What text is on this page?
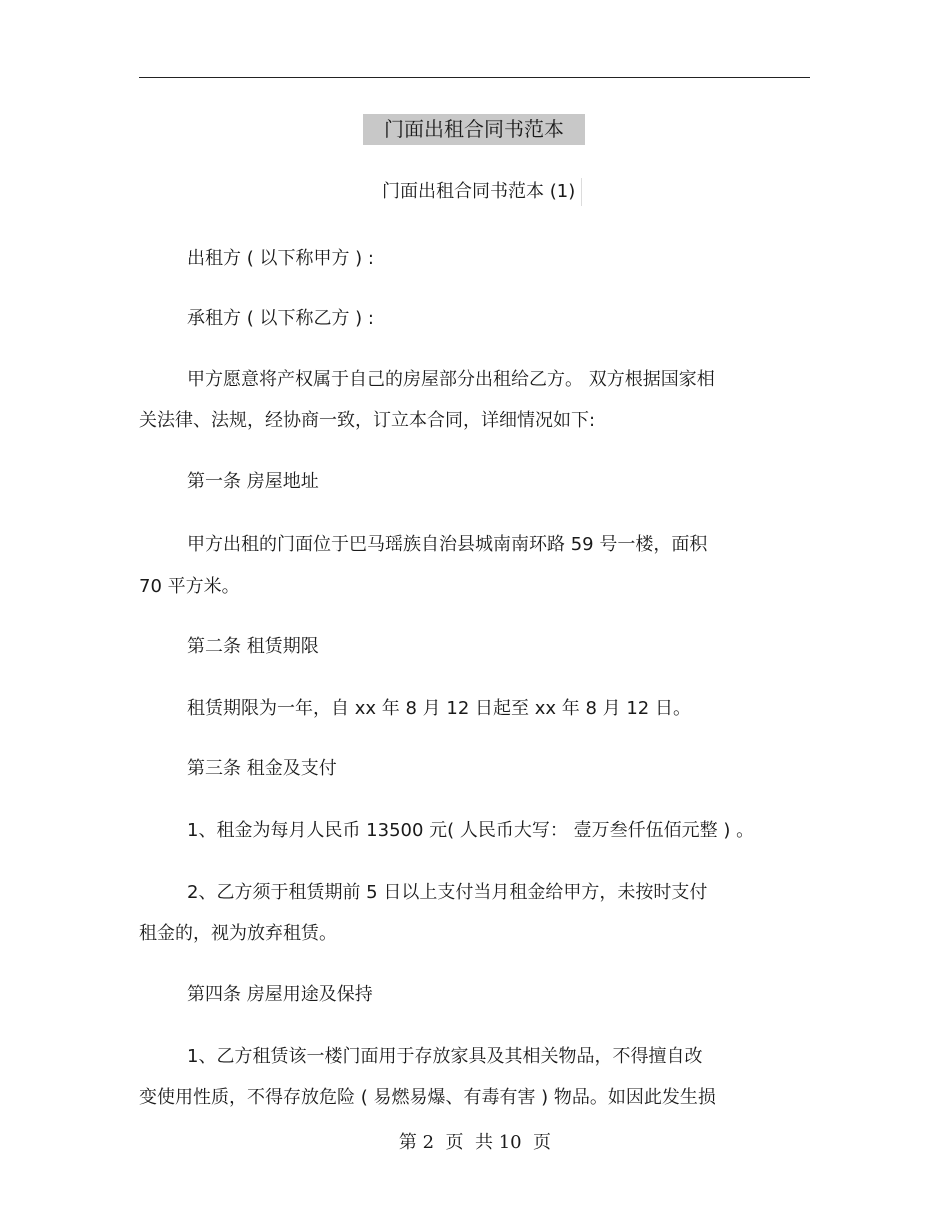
门面出租合同书范本
门面出租合同书范本 (1)
出租方 ( 以下称甲方 ) :
承租方 ( 以下称乙方 ) :
甲方愿意将产权属于自己的房屋部分出租给乙方。 双方根据国家相
关法律、法规，经协商一致，订立本合同，详细情况如下:
第一条 房屋地址
甲方出租的门面位于巴马瑶族自治县城南南环路 59 号一楼，面积
70 平方米。
第二条 租赁期限
租赁期限为一年，自 xx 年 8 月 12 日起至 xx 年 8 月 12 日。
第三条 租金及支付
1、租金为每月人民币 13500 元( 人民币大写： 壹万叁仟伍佰元整 ) 。
2、乙方须于租赁期前 5 日以上支付当月租金给甲方，未按时支付
租金的，视为放弃租赁。
第四条 房屋用途及保持
1、乙方租赁该一楼门面用于存放家具及其相关物品，不得擅自改
变使用性质，不得存放危险 ( 易燃易爆、有毒有害 ) 物品。如因此发生损
第 2  页  共 10  页
